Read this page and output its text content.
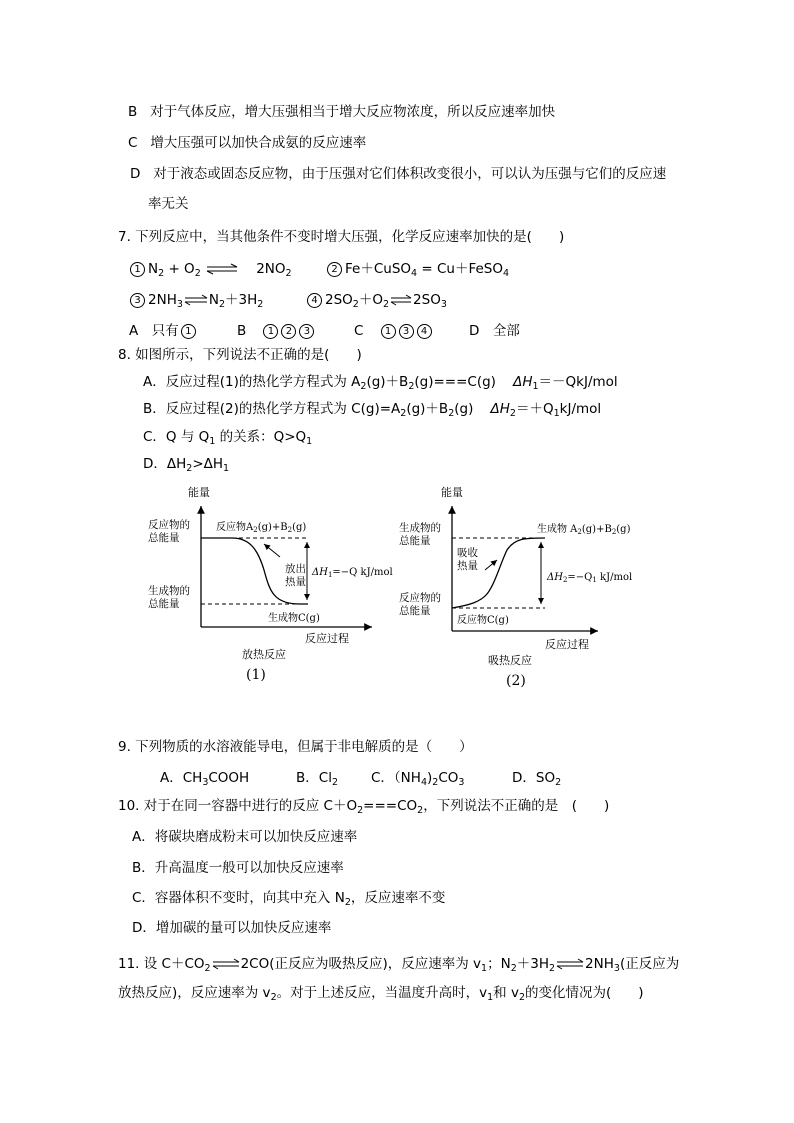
B 对于气体反应，增大压强相当于增大反应物浓度，所以反应速率加快
C 增大压强可以加快合成氨的反应速率
D 对于液态或固态反应物，由于压强对它们体积改变很小，可以认为压强与它们的反应速
率无关
7. 下列反应中，当其他条件不变时增大压强，化学反应速率加快的是(　　)
1 $N_2 + O_2$ ⇌ $2NO_2$	2 Fe＋CuSO$_4$ = Cu＋FeSO$_4$
3 $2NH_3\rightleftharpoons N_2+3H_2$	4 $2SO_2+O_2\rightleftharpoons 2SO_3$
A　只有 1	B 1 2 3	C 1 3 4	D　全部
8. 如图所示，下列说法不正确的是(　　)
A．反应过程(1)的热化学方程式为 $A_2(g)+B_2(g)===C(g)$    $\Delta H_1=-QkJ$/mol
B．反应过程(2)的热化学方程式为 $C(g)=A_2(g)+B_2(g)$    $\Delta H_2=+Q_1kJ$/mol
C．Q 与 $Q_1$ 的关系：$Q>Q_1$
D．$\Delta H_2>\Delta H_1$
能量
反应过程
反应物的
总能量
生成物的
总能量
反应物$A_2(g)+B_2(g)$
生成物C(g)
放出
热量
$\Delta H_1=-Q$ kJ/mol
放热反应
(1)
能量
反应过程
生成物的
总能量
反应物的
总能量
生成物 $A_2(g)+B_2(g)$
反应物C(g)
吸收
热量
$\Delta H_2=-Q_1$ kJ/mol
吸热反应
(2)
9. 下列物质的水溶液能导电，但属于非电解质的是（　　）
A．$CH_3COOH$	B．$Cl_2$ C．$(NH_4)_2CO_3$	D．$SO_2$
10. 对于在同一容器中进行的反应 $C+O_2===CO_2$，下列说法不正确的是　(　　)
A．将碳块磨成粉末可以加快反应速率
B．升高温度一般可以加快反应速率
C．容器体积不变时，向其中充入 $N_2$，反应速率不变
D．增加碳的量可以加快反应速率
11. 设 $C+CO_2\rightleftharpoons 2CO$(正反应为吸热反应)，反应速率为 $v_1$；$N_2+3H_2\rightleftharpoons 2NH_3$(正反应为
放热反应)，反应速率为 $v_2$。对于上述反应，当温度升高时，$v_1$和 $v_2$的变化情况为(　　)
